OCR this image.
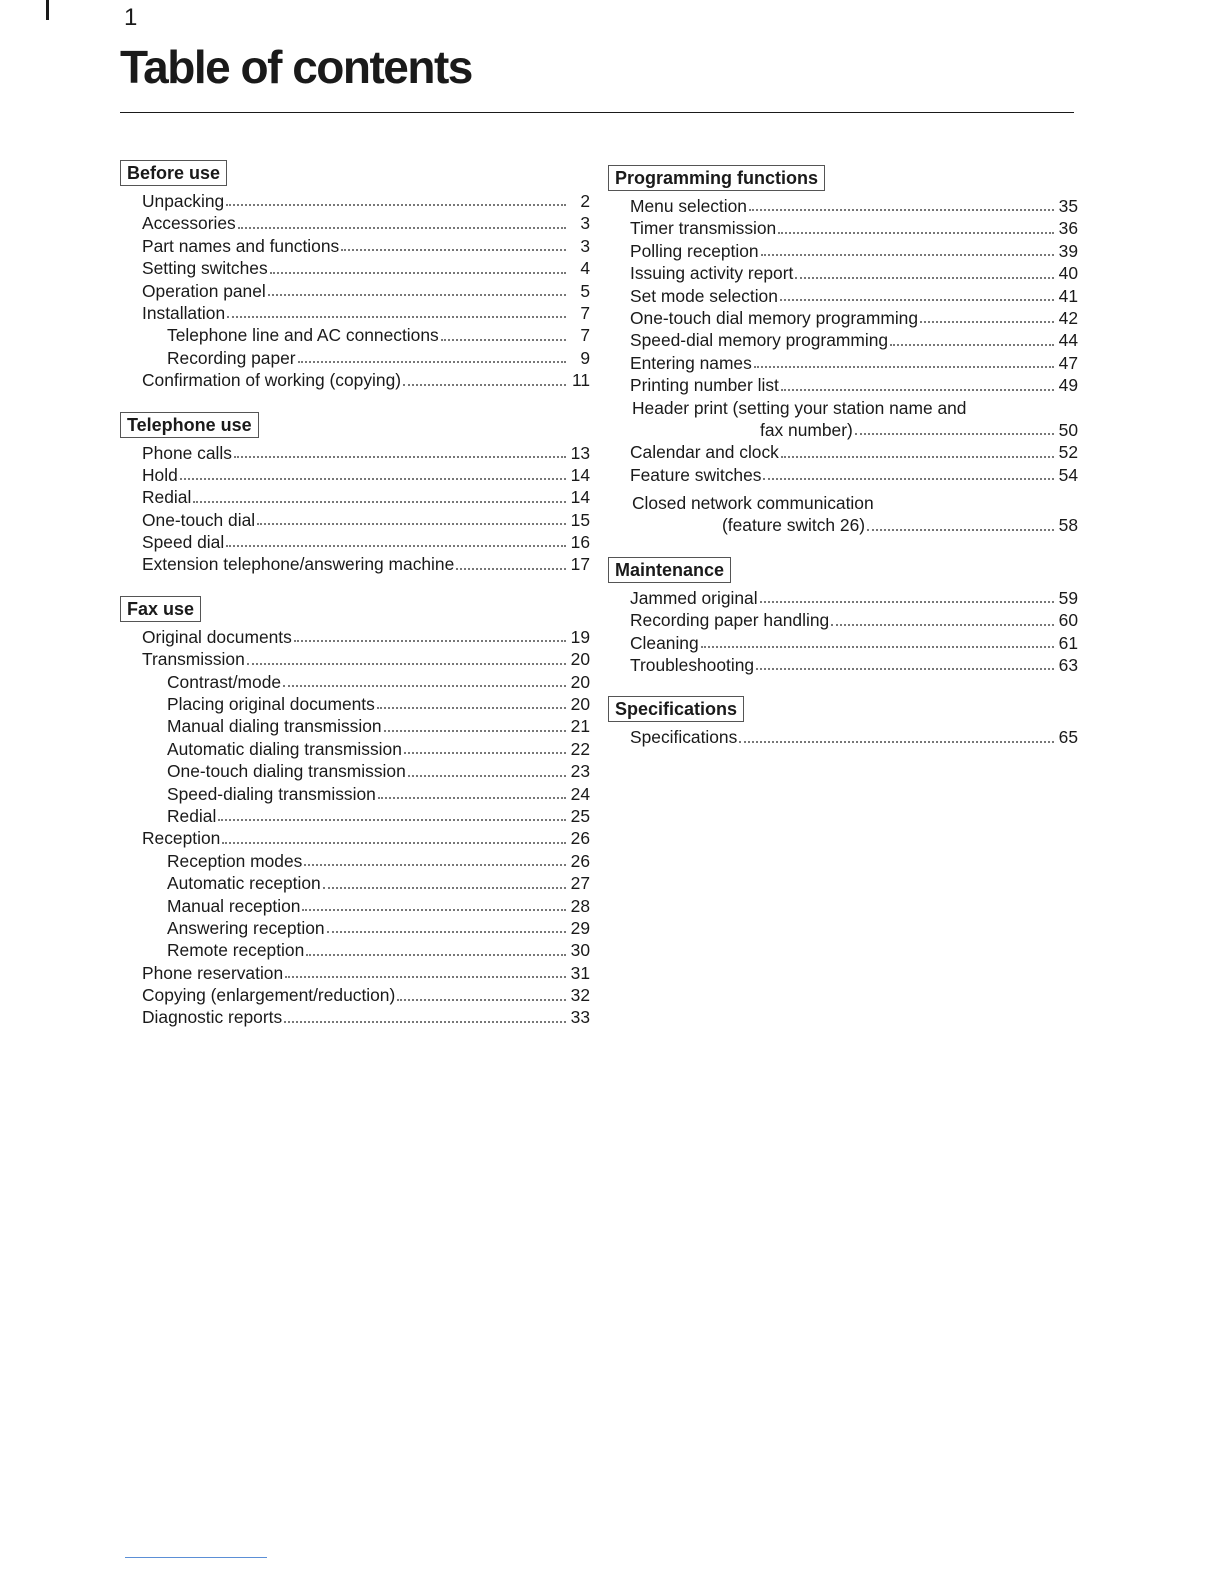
1
Table of contents
Before use
Unpacking	2
Accessories	3
Part names and functions	3
Setting switches	4
Operation panel	5
Installation	7
Telephone line and AC connections	7
Recording paper	9
Confirmation of working (copying)	11
Telephone use
Phone calls	13
Hold	14
Redial	14
One-touch dial	15
Speed dial	16
Extension telephone/answering machine	17
Fax use
Original documents	19
Transmission	20
Contrast/mode	20
Placing original documents	20
Manual dialing transmission	21
Automatic dialing transmission	22
One-touch dialing transmission	23
Speed-dialing transmission	24
Redial	25
Reception	26
Reception modes	26
Automatic reception	27
Manual reception	28
Answering reception	29
Remote reception	30
Phone reservation	31
Copying (enlargement/reduction)	32
Diagnostic reports	33
Programming functions
Menu selection	35
Timer transmission	36
Polling reception	39
Issuing activity report	40
Set mode selection	41
One-touch dial memory programming	42
Speed-dial memory programming	44
Entering names	47
Printing number list	49
Header print (setting your station name and
fax number)	50
Calendar and clock	52
Feature switches	54
Closed network communication
(feature switch 26)	58
Maintenance
Jammed original	59
Recording paper handling	60
Cleaning	61
Troubleshooting	63
Specifications
Specifications	65
